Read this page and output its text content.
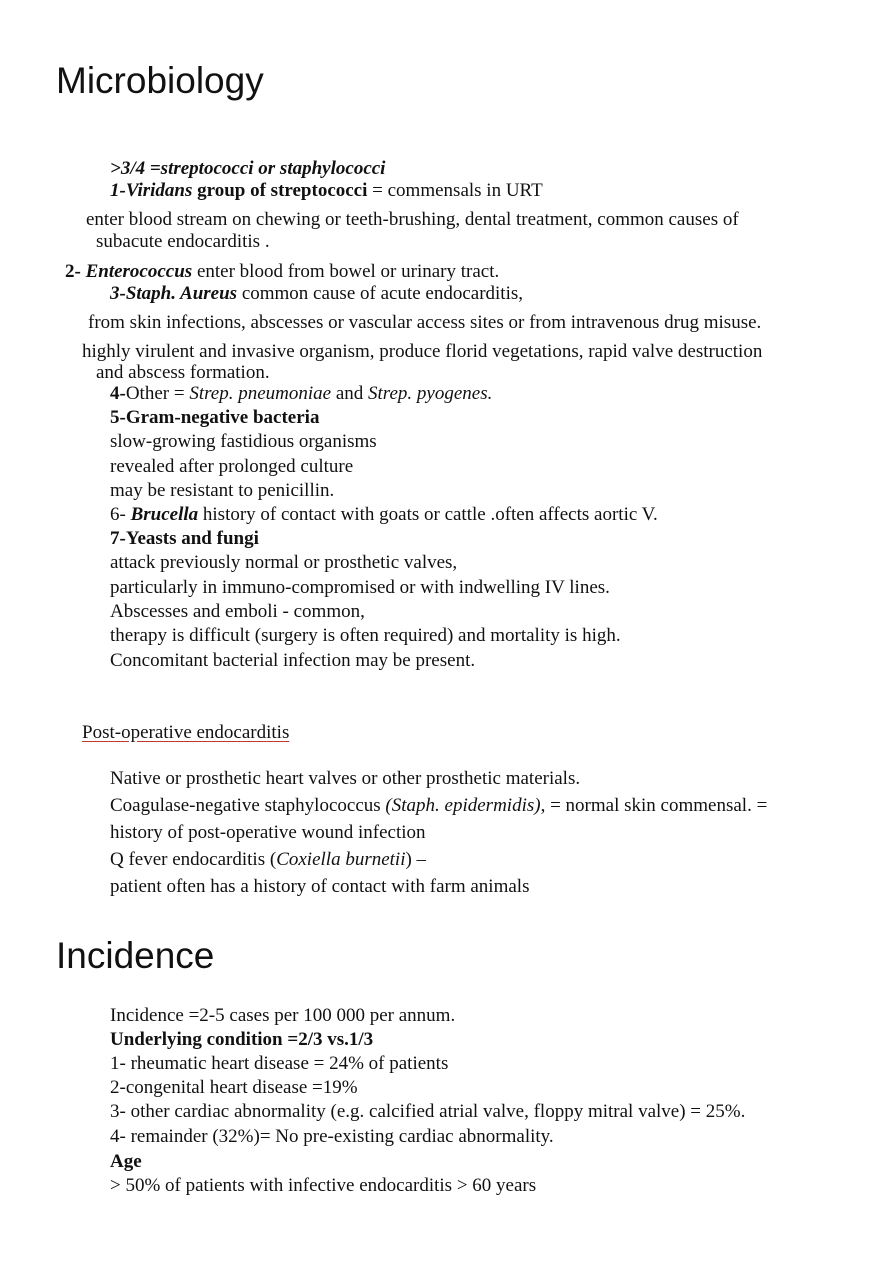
Microbiology

>3/4 =streptococci or staphylococci

1-Viridans group of streptococci = commensals in URT

enter blood stream on chewing or teeth-brushing, dental treatment, common causes of

subacute endocarditis .

2- Enterococcus enter blood from bowel or urinary tract.

3-Staph. Aureus common cause of acute endocarditis,

from skin infections, abscesses or vascular access sites or from intravenous drug misuse.

highly virulent and invasive organism, produce florid vegetations, rapid valve destruction

and abscess formation.

4-Other = Strep. pneumoniae and Strep. pyogenes.

5-Gram-negative bacteria

slow-growing fastidious organisms

revealed after prolonged culture

may be resistant to penicillin.

6- Brucella history of contact with goats or cattle .often affects aortic V.

7-Yeasts and fungi

attack previously normal or prosthetic valves,

particularly in immuno-compromised or with indwelling IV lines.

Abscesses and emboli - common,

therapy is difficult (surgery is often required) and mortality is high.

Concomitant bacterial infection may be present.

Post-operative endocarditis

Native or prosthetic heart valves or other prosthetic materials.

Coagulase-negative staphylococcus (Staph. epidermidis), = normal skin commensal. =

history of post-operative wound infection

Q fever endocarditis (Coxiella burnetii) –

patient often has a history of contact with farm animals

Incidence

Incidence =2-5 cases per 100 000 per annum.

Underlying condition =2/3 vs.1/3

1- rheumatic heart disease = 24% of patients

2-congenital heart disease =19%

3- other cardiac abnormality (e.g. calcified atrial valve, floppy mitral valve) = 25%.

4- remainder (32%)= No pre-existing cardiac abnormality.

Age

> 50% of patients with infective endocarditis > 60 years
